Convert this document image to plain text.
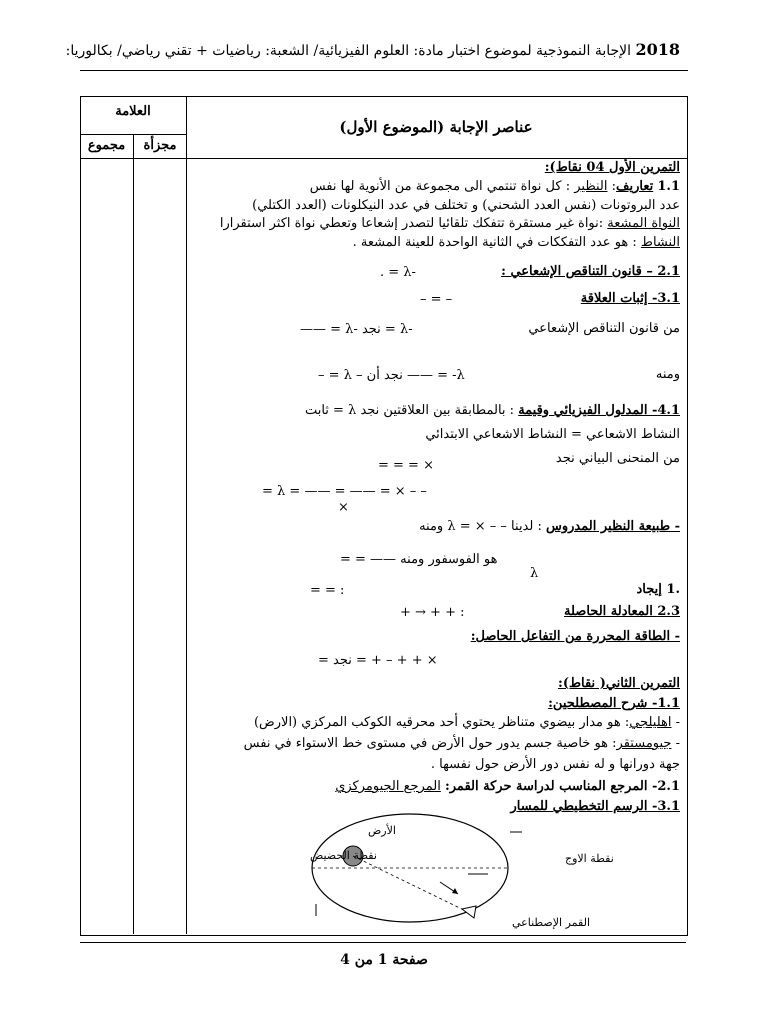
2018 الإجابة النموذجية لموضوع اختبار مادة: العلوم الفيزيائية/ الشعبة: رياضيات + تقني رياضي/ بكالوريا:
العلامة
مجزأة
مجموع
عناصر الإجابة (الموضوع الأول)
التمرين الأول 04 نقاط):
1.1 تعاريف: النظير : كل نواة تنتمي الى مجموعة من الأنوية لها نفس
عدد البروتونات (نفس العدد الشحني) و تختلف في عدد النيكلونات (العدد الكتلي)
النواة المشعة :نواة غير مستقرة تتفكك تلقائيا لتصدر إشعاعا وتعطي نواة اكثر استقرارا
النشاط : هو عدد التفككات في الثانية الواحدة للعينة المشعة .
2.1 – قانون التناقص الإشعاعي :
-λ = .
3.1- إثبات العلاقة
– = –
من قانون التناقص الإشعاعي
-λ = نجد -λ = ——
ومنه
λ- = —— نجد أن – λ = –
4.1- المدلول الفيزيائي وقيمة : بالمطابقة بين العلاقتين نجد λ = ثابت
النشاط الاشعاعي = النشاط الاشعاعي الابتدائي
من المنحنى البياني نجد
× = = =
– – × = —— = —— = λ =
×
- طبيعة النظير المدروس : لدينا – – × = λ ومنه
هو الفوسفور ومنه —— = =
λ
.1 إيجاد
: = =
2.3 المعادلة الحاصلة
: + + → +
- الطاقة المحررة من التفاعل الحاصل:
× + + – + = نجد =
التمرين الثاني( نقاط):
1.1- شرح المصطلحين:
- اهليلجي: هو مدار بيضوي متناظر يحتوي أحد محرقيه الكوكب المركزي (الارض)
- جيومستقر: هو خاصية جسم يدور حول الأرض في مستوى خط الاستواء في نفس
جهة دورانها و له نفس دور الأرض حول نفسها .
2.1- المرجع المناسب لدراسة حركة القمر: المرجع الجيومركزي
3.1- الرسم التخطيطي للمسار
الأرض
نقطة الحضيض	نقطة الاوج
القمر الإصطناعي
صفحة 1 من 4
